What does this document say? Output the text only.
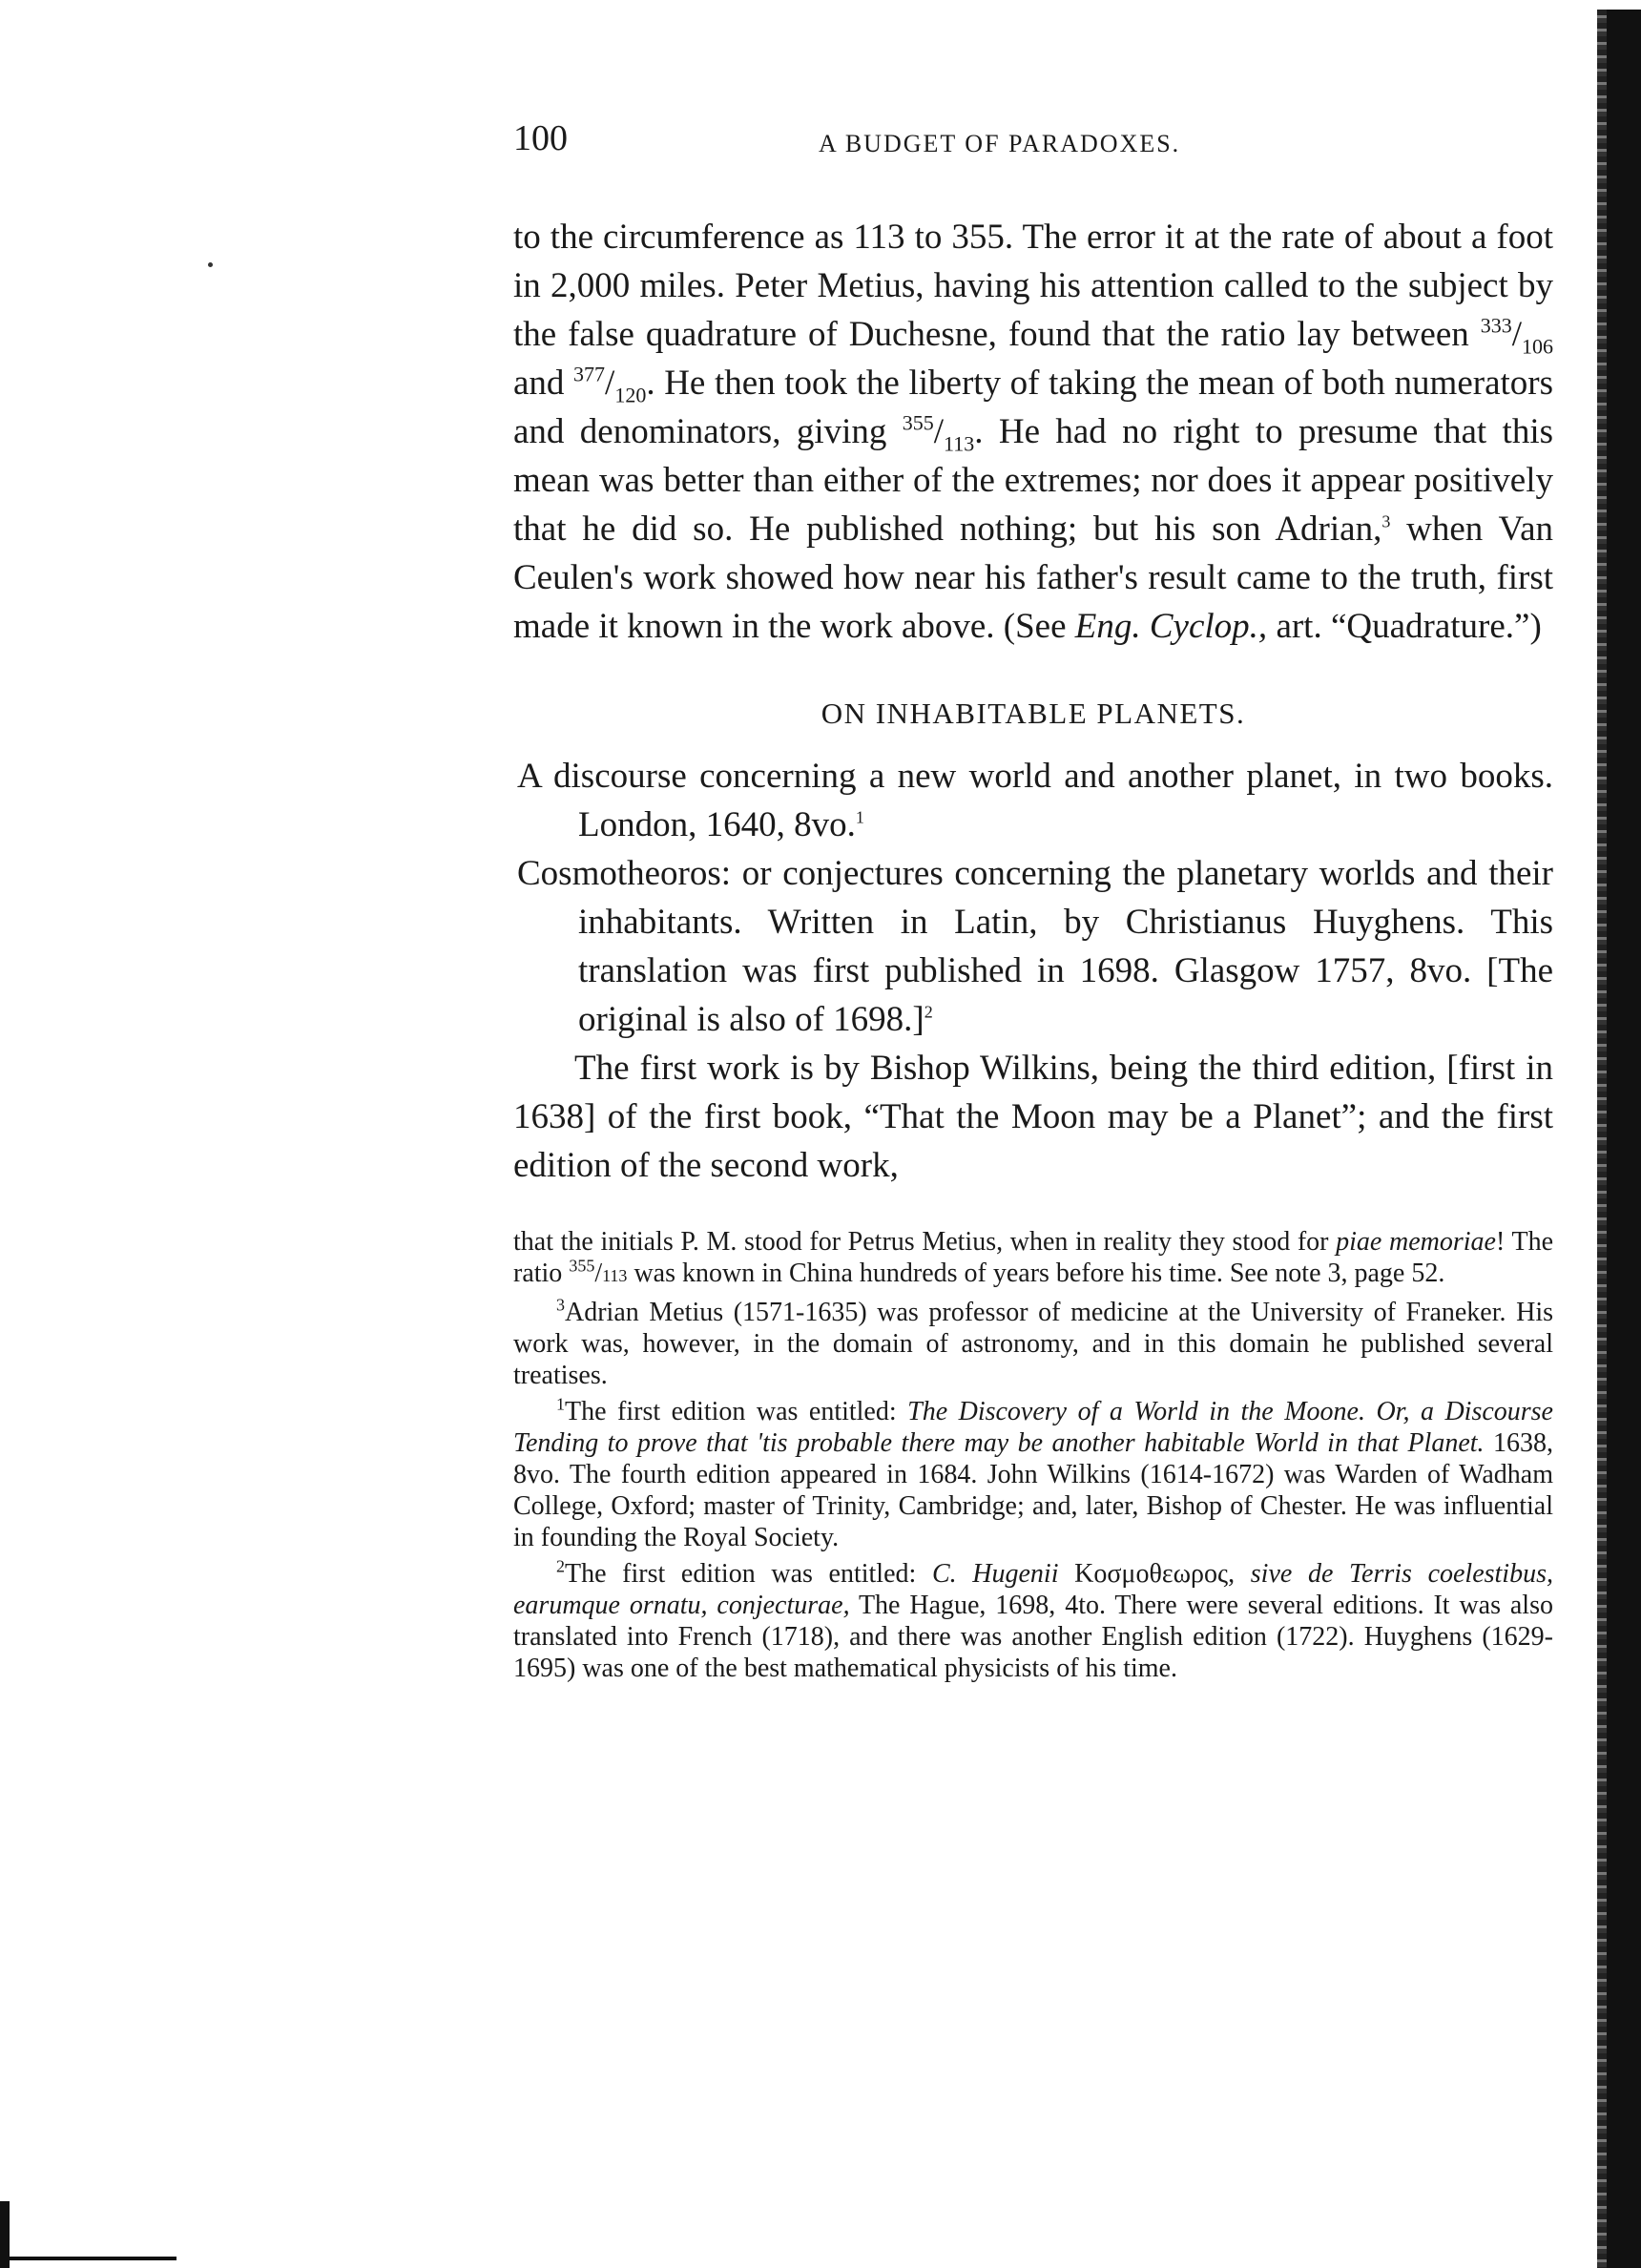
100	A BUDGET OF PARADOXES.

to the circumference as 113 to 355. The error it at the rate of about a foot in 2,000 miles. Peter Metius, having his attention called to the subject by the false quadrature of Duchesne, found that the ratio lay between $^{333}/_{106}$ and $^{377}/_{120}$. He then took the liberty of taking the mean of both numerators and denominators, giving $^{355}/_{113}$. He had no right to presume that this mean was better than either of the extremes; nor does it appear positively that he did so. He published nothing; but his son Adrian,$^3$ when Van Ceulen's work showed how near his father's result came to the truth, first made it known in the work above. (See Eng. Cyclop., art. “Quadrature.”)

ON INHABITABLE PLANETS.

A discourse concerning a new world and another planet, in two books. London, 1640, 8vo.$^1$

Cosmotheoros: or conjectures concerning the planetary worlds and their inhabitants. Written in Latin, by Christianus Huyghens. This translation was first published in 1698. Glasgow 1757, 8vo. [The original is also of 1698.]$^2$

The first work is by Bishop Wilkins, being the third edition, [first in 1638] of the first book, “That the Moon may be a Planet”; and the first edition of the second work,

that the initials P. M. stood for Petrus Metius, when in reality they stood for piae memoriae! The ratio $^{355}$/113 was known in China hundreds of years before his time. See note 3, page 52.

$^3$Adrian Metius (1571-1635) was professor of medicine at the University of Franeker. His work was, however, in the domain of astronomy, and in this domain he published several treatises.

$^1$The first edition was entitled: The Discovery of a World in the Moone. Or, a Discourse Tending to prove that 'tis probable there may be another habitable World in that Planet. 1638, 8vo. The fourth edition appeared in 1684. John Wilkins (1614-1672) was Warden of Wadham College, Oxford; master of Trinity, Cambridge; and, later, Bishop of Chester. He was influential in founding the Royal Society.

$^2$The first edition was entitled: C. Hugenii Κοσμοθεωρος, sive de Terris coelestibus, earumque ornatu, conjecturae, The Hague, 1698, 4to. There were several editions. It was also translated into French (1718), and there was another English edition (1722). Huyghens (1629-1695) was one of the best mathematical physicists of his time.
